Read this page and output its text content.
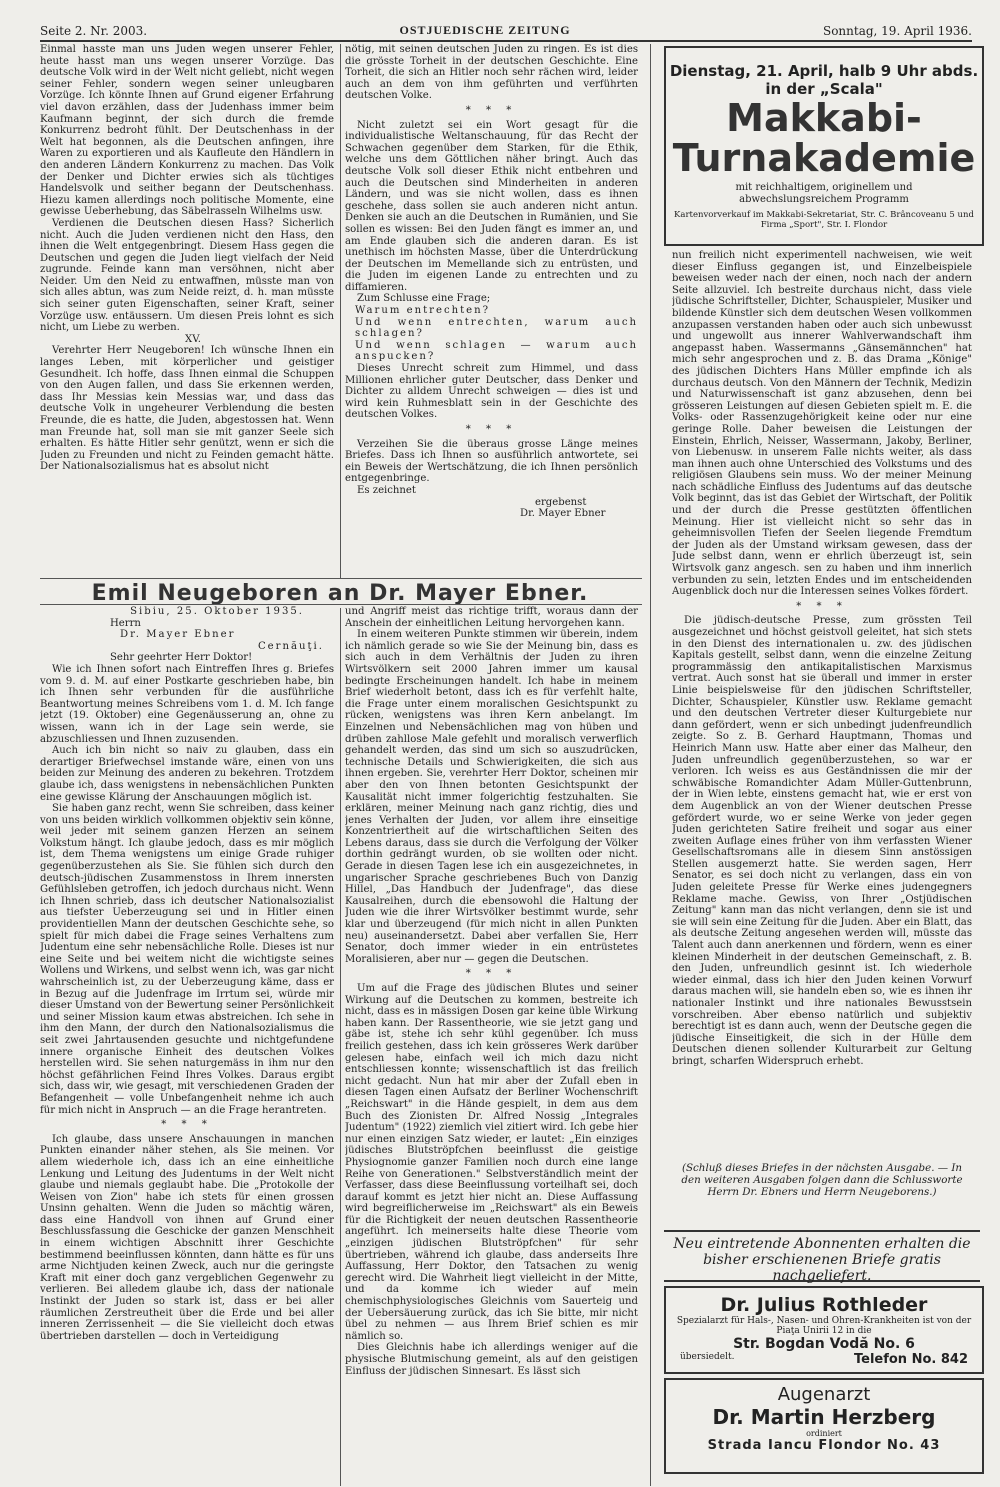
Seite 2. Nr. 2003.	OSTJUEDISCHE ZEITUNG	Sonntag, 19. April 1936.

Einmal hasste man uns Juden wegen unserer Fehler, heute hasst man uns wegen unserer Vorzüge. Das deutsche Volk wird in der Welt nicht geliebt, nicht wegen seiner Fehler, sondern wegen seiner unleugbaren Vorzüge. Ich könnte Ihnen auf Grund eigener Erfahrung viel davon erzählen, dass der Judenhass immer beim Kaufmann beginnt, der sich durch die fremde Konkurrenz bedroht fühlt. Der Deutschenhass in der Welt hat begonnen, als die Deutschen anfingen, ihre Waren zu exportieren und als Kaufleute den Händlern in den anderen Ländern Konkurrenz zu machen. Das Volk der Denker und Dichter erwies sich als tüchtiges Handelsvolk und seither begann der Deutschenhass. Hiezu kamen allerdings noch politische Momente, eine gewisse Ueberhebung, das Säbelrasseln Wilhelms usw.

Verdienen die Deutschen diesen Hass? Sicherlich nicht. Auch die Juden verdienen nicht den Hass, den ihnen die Welt entgegenbringt. Diesem Hass gegen die Deutschen und gegen die Juden liegt vielfach der Neid zugrunde. Feinde kann man versöhnen, nicht aber Neider. Um den Neid zu entwaffnen, müsste man von sich alles abtun, was zum Neide reizt, d. h. man müsste sich seiner guten Eigenschaften, seiner Kraft, seiner Vorzüge usw. entäussern. Um diesen Preis lohnt es sich nicht, um Liebe zu werben.

XV.

Verehrter Herr Neugeboren! Ich wünsche Ihnen ein langes Leben, mit körperlicher und geistiger Gesundheit. Ich hoffe, dass Ihnen einmal die Schuppen von den Augen fallen, und dass Sie erkennen werden, dass Ihr Messias kein Messias war, und dass das deutsche Volk in ungeheurer Verblendung die besten Freunde, die es hatte, die Juden, abgestossen hat. Wenn man Freunde hat, soll man sie mit ganzer Seele sich erhalten. Es hätte Hitler sehr genützt, wenn er sich die Juden zu Freunden und nicht zu Feinden gemacht hätte. Der Nationalsozialismus hat es absolut nicht

nötig, mit seinen deutschen Juden zu ringen. Es ist dies die grösste Torheit in der deutschen Geschichte. Eine Torheit, die sich an Hitler noch sehr rächen wird, leider auch an dem von ihm geführten und verführten deutschen Volke.

* * *

Nicht zuletzt sei ein Wort gesagt für die individualistische Weltanschauung, für das Recht der Schwachen gegenüber dem Starken, für die Ethik, welche uns dem Göttlichen näher bringt. Auch das deutsche Volk soll dieser Ethik nicht entbehren und auch die Deutschen sind Minderheiten in anderen Ländern, und was sie nicht wollen, dass es ihnen geschehe, dass sollen sie auch anderen nicht antun. Denken sie auch an die Deutschen in Rumänien, und Sie sollen es wissen: Bei den Juden fängt es immer an, und am Ende glauben sich die anderen daran. Es ist unethisch im höchsten Masse, über die Unterdrückung der Deutschen im Memellande sich zu entrüsten, und die Juden im eigenen Lande zu entrechten und zu diffamieren.

Zum Schlusse eine Frage;

Warum entrechten?

Und wenn entrechten, warum auch schlagen?

Und wenn schlagen — warum auch anspucken?

Dieses Unrecht schreit zum Himmel, und dass Millionen ehrlicher guter Deutscher, dass Denker und Dichter zu alldem Unrecht schweigen — dies ist und wird kein Ruhmesblatt sein in der Geschichte des deutschen Volkes.

* * *

Verzeihen Sie die überaus grosse Länge meines Briefes. Dass ich Ihnen so ausführlich antwortete, sei ein Beweis der Wertschätzung, die ich Ihnen persönlich entgegenbringe.

Es zeichnet

ergebenst

Dr. Mayer Ebner

Emil Neugeboren an Dr. Mayer Ebner.

Sibiu, 25. Oktober 1935.

Herrn

Dr. Mayer Ebner

Cernăuţi.

Sehr geehrter Herr Doktor!

Wie ich Ihnen sofort nach Eintreffen Ihres g. Briefes vom 9. d. M. auf einer Postkarte geschrieben habe, bin ich Ihnen sehr verbunden für die ausführliche Beantwortung meines Schreibens vom 1. d. M. Ich fange jetzt (19. Oktober) eine Gegenäusserung an, ohne zu wissen, wann ich in der Lage sein werde, sie abzuschliessen und Ihnen zuzusenden.

Auch ich bin nicht so naiv zu glauben, dass ein derartiger Briefwechsel imstande wäre, einen von uns beiden zur Meinung des anderen zu bekehren. Trotzdem glaube ich, dass wenigstens in nebensächlichen Punkten eine gewisse Klärung der Anschauungen möglich ist.

Sie haben ganz recht, wenn Sie schreiben, dass keiner von uns beiden wirklich vollkommen objektiv sein könne, weil jeder mit seinem ganzen Herzen an seinem Volkstum hängt. Ich glaube jedoch, dass es mir möglich ist, dem Thema wenigstens um einige Grade ruhiger gegenüberzustehen als Sie. Sie fühlen sich durch den deutsch-jüdischen Zusammenstoss in Ihrem innersten Gefühlsleben getroffen, ich jedoch durchaus nicht. Wenn ich Ihnen schrieb, dass ich deutscher Nationalsozialist aus tiefster Ueberzeugung sei und in Hitler einen providentiellen Mann der deutschen Geschichte sehe, so spielt für mich dabei die Frage seines Verhaltens zum Judentum eine sehr nebensächliche Rolle. Dieses ist nur eine Seite und bei weitem nicht die wichtigste seines Wollens und Wirkens, und selbst wenn ich, was gar nicht wahrscheinlich ist, zu der Ueberzeugung käme, dass er in Bezug auf die Judenfrage im Irrtum sei, würde mir dieser Umstand von der Bewertung seiner Persönlichkeit und seiner Mission kaum etwas abstreichen. Ich sehe in ihm den Mann, der durch den Nationalsozialismus die seit zwei Jahrtausenden gesuchte und nichtgefundene innere organische Einheit des deutschen Volkes herstellen wird. Sie sehen naturgemäss in ihm nur den höchst gefährlichen Feind Ihres Volkes. Daraus ergibt sich, dass wir, wie gesagt, mit verschiedenen Graden der Befangenheit — volle Unbefangenheit nehme ich auch für mich nicht in Anspruch — an die Frage herantreten.

* * *

Ich glaube, dass unsere Anschauungen in manchen Punkten einander näher stehen, als Sie meinen. Vor allem wiederhole ich, dass ich an eine einheitliche Lenkung und Leitung des Judentums in der Welt nicht glaube und niemals geglaubt habe. Die „Protokolle der Weisen von Zion" habe ich stets für einen grossen Unsinn gehalten. Wenn die Juden so mächtig wären, dass eine Handvoll von ihnen auf Grund einer Beschlussfassung die Geschicke der ganzen Menschheit in einem wichtigen Abschnitt ihrer Geschichte bestimmend beeinflussen könnten, dann hätte es für uns arme Nichtjuden keinen Zweck, auch nur die geringste Kraft mit einer doch ganz vergeblichen Gegenwehr zu verlieren. Bei alledem glaube ich, dass der nationale Instinkt der Juden so stark ist, dass er bei aller räumlichen Zerstreutheit über die Erde und bei aller inneren Zerrissenheit — die Sie vielleicht doch etwas übertrieben darstellen — doch in Verteidigung

und Angriff meist das richtige trifft, woraus dann der Anschein der einheitlichen Leitung hervorgehen kann.

In einem weiteren Punkte stimmen wir überein, indem ich nämlich gerade so wie Sie der Meinung bin, dass es sich auch in dem Verhältnis der Juden zu ihren Wirtsvölkern seit 2000 Jahren immer um kausal bedingte Erscheinungen handelt. Ich habe in meinem Brief wiederholt betont, dass ich es für verfehlt halte, die Frage unter einem moralischen Gesichtspunkt zu rücken, wenigstens was ihren Kern anbelangt. Im Einzelnen und Nebensächlichen mag von hüben und drüben zahllose Male gefehlt und moralisch verwerflich gehandelt werden, das sind um sich so auszudrücken, technische Details und Schwierigkeiten, die sich aus ihnen ergeben. Sie, verehrter Herr Doktor, scheinen mir aber den von Ihnen betonten Gesichtspunkt der Kausalität nicht immer folgerichtig festzuhalten. Sie erklären, meiner Meinung nach ganz richtig, dies und jenes Verhalten der Juden, vor allem ihre einseitige Konzentriertheit auf die wirtschaftlichen Seiten des Lebens daraus, dass sie durch die Verfolgung der Völker dorthin gedrängt wurden, ob sie wollten oder nicht. Gerade in diesen Tagen lese ich ein ausgezeichnetes, in ungarischer Sprache geschriebenes Buch von Danzig Hillel, „Das Handbuch der Judenfrage", das diese Kausalreihen, durch die ebensowohl die Haltung der Juden wie die ihrer Wirtsvölker bestimmt wurde, sehr klar und überzeugend (für mich nicht in allen Punkten neu) auseinandersetzt. Dabei aber verfallen Sie, Herr Senator, doch immer wieder in ein entrüstetes Moralisieren, aber nur — gegen die Deutschen.

* * *

Um auf die Frage des jüdischen Blutes und seiner Wirkung auf die Deutschen zu kommen, bestreite ich nicht, dass es in mässigen Dosen gar keine üble Wirkung haben kann. Der Rassentheorie, wie sie jetzt gang und gäbe ist, stehe ich sehr kühl gegenüber. Ich muss freilich gestehen, dass ich kein grösseres Werk darüber gelesen habe, einfach weil ich mich dazu nicht entschliessen konnte; wissenschaftlich ist das freilich nicht gedacht. Nun hat mir aber der Zufall eben in diesen Tagen einen Aufsatz der Berliner Wochenschrift „Reichswart" in die Hände gespielt, in dem aus dem Buch des Zionisten Dr. Alfred Nossig „Integrales Judentum" (1922) ziemlich viel zitiert wird. Ich gebe hier nur einen einzigen Satz wieder, er lautet: „Ein einziges jüdisches Blutströpfchen beeinflusst die geistige Physiognomie ganzer Familien noch durch eine lange Reihe von Generationen." Selbstverständlich meint der Verfasser, dass diese Beeinflussung vorteilhaft sei, doch darauf kommt es jetzt hier nicht an. Diese Auffassung wird begreiflicherweise im „Reichswart" als ein Beweis für die Richtigkeit der neuen deutschen Rassentheorie angeführt. Ich meinerseits halte diese Theorie vom „einzigen jüdischen Blutströpfchen" für sehr übertrieben, während ich glaube, dass anderseits Ihre Auffassung, Herr Doktor, den Tatsachen zu wenig gerecht wird. Die Wahrheit liegt vielleicht in der Mitte, und da komme ich wieder auf mein chemischphysiologisches Gleichnis vom Sauerteig und der Uebersäuerung zurück, das ich Sie bitte, mir nicht übel zu nehmen — aus Ihrem Brief schien es mir nämlich so.

Dies Gleichnis habe ich allerdings weniger auf die physische Blutmischung gemeint, als auf den geistigen Einfluss der jüdischen Sinnesart. Es lässt sich

Dienstag, 21. April, halb 9 Uhr abds.
in der „Scala"
Makkabi-
Turnakademie
mit reichhaltigem, originellem und
abwechslungsreichem Programm
Kartenvorverkauf im Makkabi-Sekretariat, Str. C. Brâncoveanu 5 und Firma „Sport", Str. I. Flondor

nun freilich nicht experimentell nachweisen, wie weit dieser Einfluss gegangen ist, und Einzelbeispiele beweisen weder nach der einen, noch nach der andern Seite allzuviel. Ich bestreite durchaus nicht, dass viele jüdische Schriftsteller, Dichter, Schauspieler, Musiker und bildende Künstler sich dem deutschen Wesen vollkommen anzupassen verstanden haben oder auch sich unbewusst und ungewollt aus innerer Wahlverwandschaft ihm angepasst haben. Wassermanns „Gänsemännchen" hat mich sehr angesprochen und z. B. das Drama „Könige" des jüdischen Dichters Hans Müller empfinde ich als durchaus deutsch. Von den Männern der Technik, Medizin und Naturwissenschaft ist ganz abzusehen, denn bei grösseren Leistungen auf diesen Gebieten spielt m. E. die Volks- oder Rassenzugehörigkeit keine oder nur eine geringe Rolle. Daher beweisen die Leistungen der Einstein, Ehrlich, Neisser, Wassermann, Jakoby, Berliner, von Liebenusw. in unserem Falle nichts weiter, als dass man ihnen auch ohne Unterschied des Volkstums und des religiösen Glaubens sein muss. Wo der meiner Meinung nach schädliche Einfluss des Judentums auf das deutsche Volk beginnt, das ist das Gebiet der Wirtschaft, der Politik und der durch die Presse gestützten öffentlichen Meinung. Hier ist vielleicht nicht so sehr das in geheimnisvollen Tiefen der Seelen liegende Fremdtum der Juden als der Umstand wirksam gewesen, dass der Jude selbst dann, wenn er ehrlich überzeugt ist, sein Wirtsvolk ganz angesch. sen zu haben und ihm innerlich verbunden zu sein, letzten Endes und im entscheidenden Augenblick doch nur die Interessen seines Volkes fördert.

* * *

Die jüdisch-deutsche Presse, zum grössten Teil ausgezeichnet und höchst geistvoll geleitet, hat sich stets in den Dienst des internationalen u. zw. des jüdischen Kapitals gestellt, selbst dann, wenn die einzelne Zeitung programmässig den antikapitalistischen Marxismus vertrat. Auch sonst hat sie überall und immer in erster Linie beispielsweise für den jüdischen Schriftsteller, Dichter, Schauspieler, Künstler usw. Reklame gemacht und den deutschen Vertreter dieser Kulturgebiete nur dann gefördert, wenn er sich unbedingt judenfreundlich zeigte. So z. B. Gerhard Hauptmann, Thomas und Heinrich Mann usw. Hatte aber einer das Malheur, den Juden unfreundlich gegenüberzustehen, so war er verloren. Ich weiss es aus Geständnissen die mir der schwäbische Romandichter Adam Müller-Guttenbrunn, der in Wien lebte, einstens gemacht hat, wie er erst von dem Augenblick an von der Wiener deutschen Presse gefördert wurde, wo er seine Werke von jeder gegen Juden gerichteten Satire freiheit und sogar aus einer zweiten Auflage eines früher von ihm verfassten Wiener Gesellschaftsromans alle in diesem Sinn anstössigen Stellen ausgemerzt hatte. Sie werden sagen, Herr Senator, es sei doch nicht zu verlangen, dass ein von Juden geleitete Presse für Werke eines judengegners Reklame mache. Gewiss, von Ihrer „Ostjüdischen Zeitung" kann man das nicht verlangen, denn sie ist und sie will sein eine Zeitung für die Juden. Aber ein Blatt, das als deutsche Zeitung angesehen werden will, müsste das Talent auch dann anerkennen und fördern, wenn es einer kleinen Minderheit in der deutschen Gemeinschaft, z. B. den Juden, unfreundlich gesinnt ist. Ich wiederhole wieder einmal, dass ich hier den Juden keinen Vorwurf daraus machen will, sie handeln eben so, wie es ihnen ihr nationaler Instinkt und ihre nationales Bewusstsein vorschreiben. Aber ebenso natürlich und subjektiv berechtigt ist es dann auch, wenn der Deutsche gegen die jüdische Einseitigkeit, die sich in der Hülle dem Deutschen dienen sollender Kulturarbeit zur Geltung bringt, scharfen Widerspruch erhebt.

(Schluß dieses Briefes in der nächsten Ausgabe. — In den weiteren Ausgaben folgen dann die Schlussworte Herrn Dr. Ebners und Herrn Neugeborens.)
Neu eintretende Abonnenten erhalten die bisher erschienenen Briefe gratis nachgeliefert.
Dr. Julius Rothleder
Spezialarzt für Hals-, Nasen- und Ohren-Krankheiten ist von der Piaţa Unirii 12 in die
Str. Bogdan Vodă No. 6
übersiedelt.	Telefon No. 842
Augenarzt
Dr. Martin Herzberg
ordiniert
Strada Iancu Flondor No. 43
